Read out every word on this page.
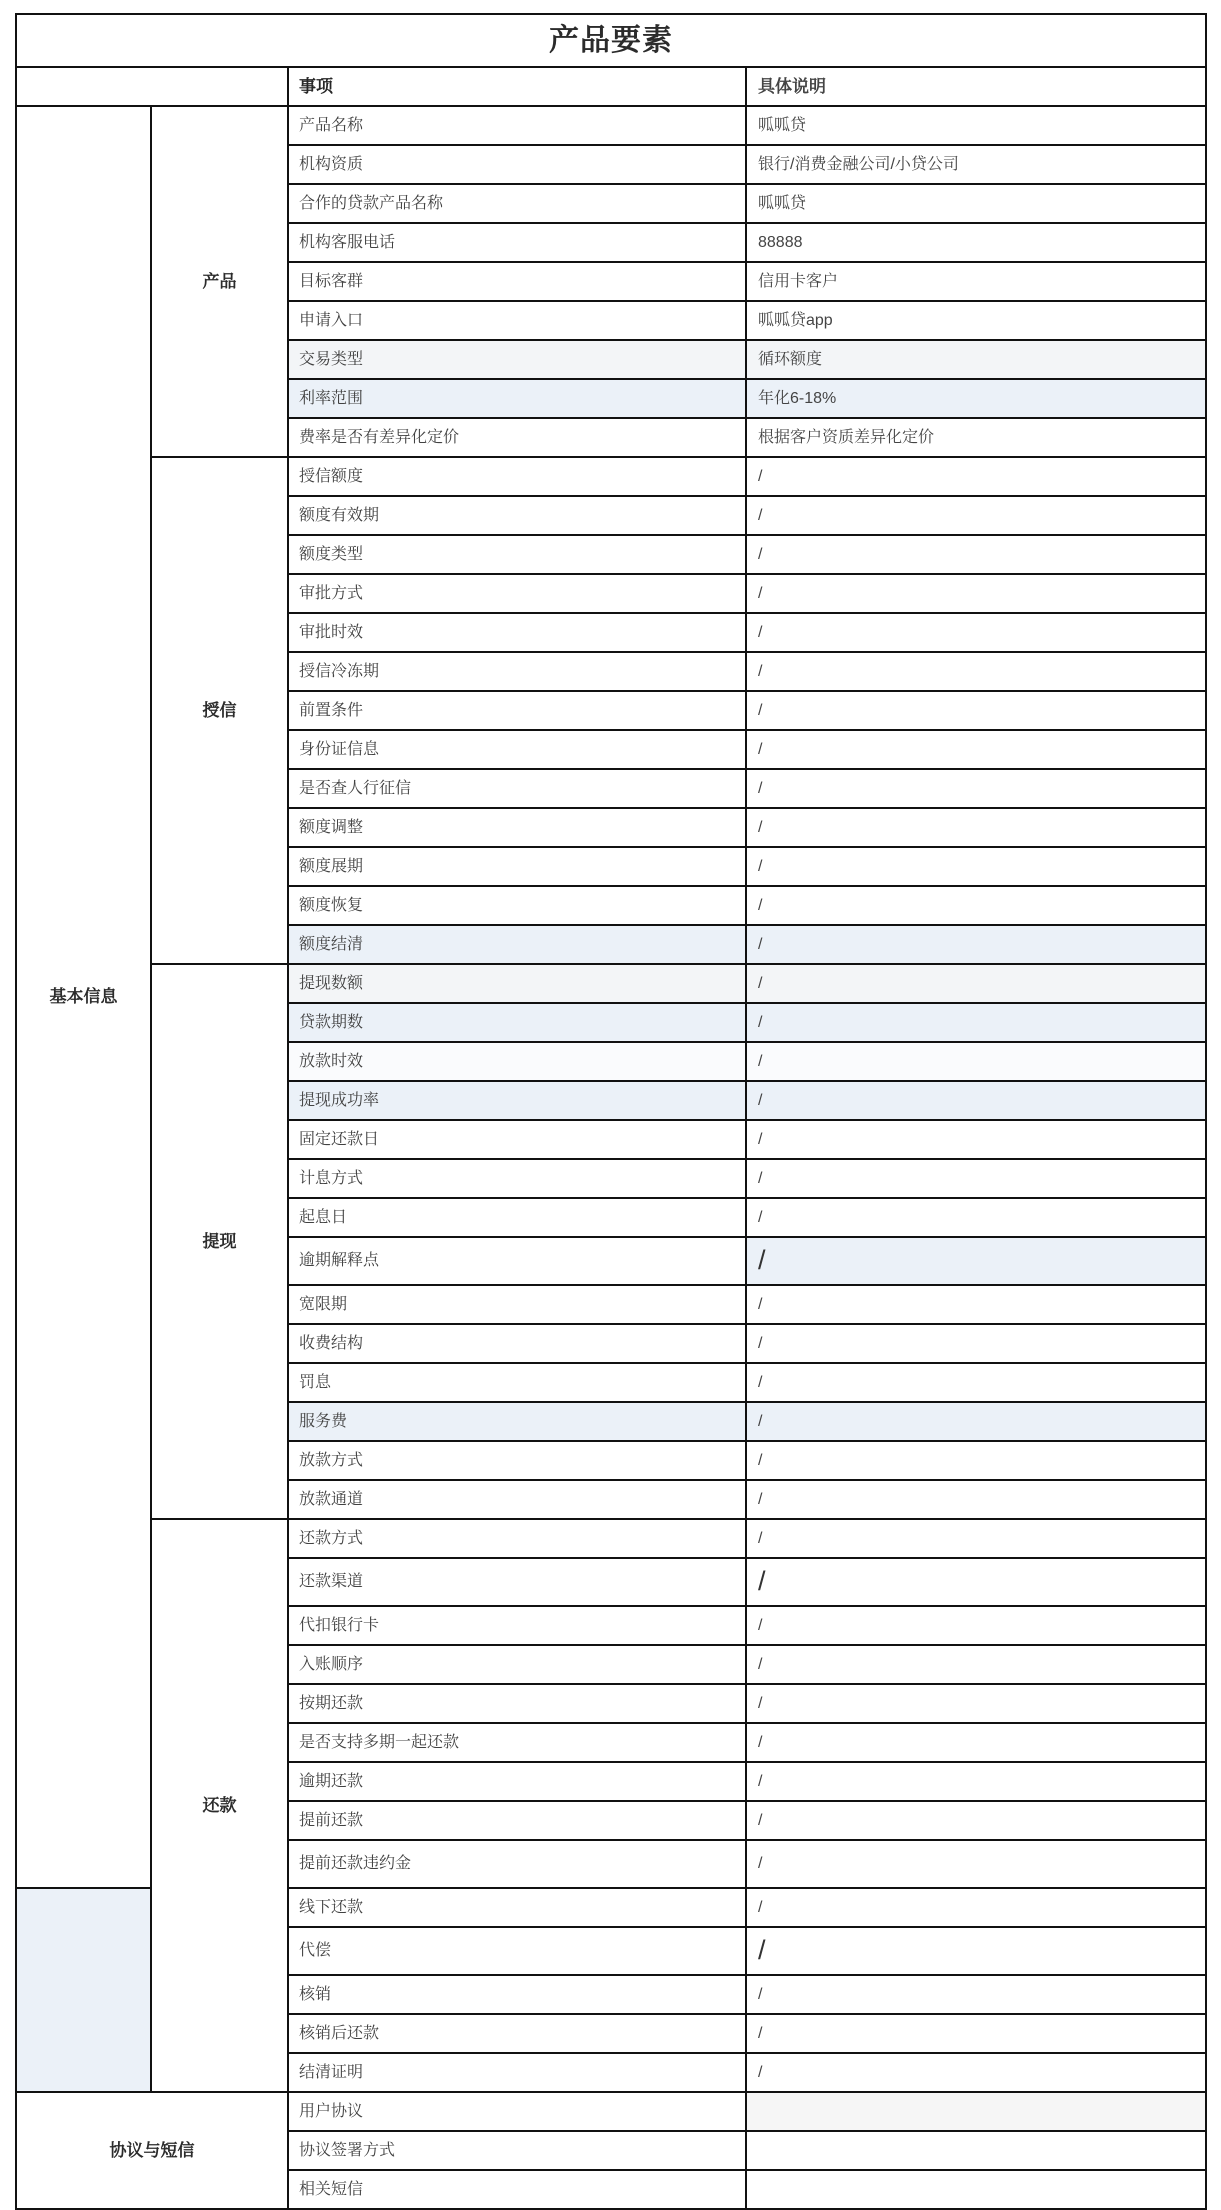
产品要素			
		事项	具体说明
基本信息	产品	产品名称	呱呱贷
		机构资质	银行/消费金融公司/小贷公司
		合作的贷款产品名称	呱呱贷
		机构客服电话	88888
		目标客群	信用卡客户
		申请入口	呱呱贷app
		交易类型	循环额度
		利率范围	年化6-18%
		费率是否有差异化定价	根据客户资质差异化定价
	授信	授信额度	/
		额度有效期	/
		额度类型	/
		审批方式	/
		审批时效	/
		授信冷冻期	/
		前置条件	/
		身份证信息	/
		是否查人行征信	/
		额度调整	/
		额度展期	/
		额度恢复	/
		额度结清	/
	提现	提现数额	/
		贷款期数	/
		放款时效	/
		提现成功率	/
		固定还款日	/
		计息方式	/
		起息日	/
		逾期解释点	/
		宽限期	/
		收费结构	/
		罚息	/
		服务费	/
		放款方式	/
		放款通道	/
	还款	还款方式	/
		还款渠道	/
		代扣银行卡	/
		入账顺序	/
		按期还款	/
		是否支持多期一起还款	/
		逾期还款	/
		提前还款	/
		提前还款违约金	/
		线下还款	/
		代偿	/
		核销	/
		核销后还款	/
		结清证明	/
协议与短信		用户协议	
		协议签署方式	
		相关短信	
